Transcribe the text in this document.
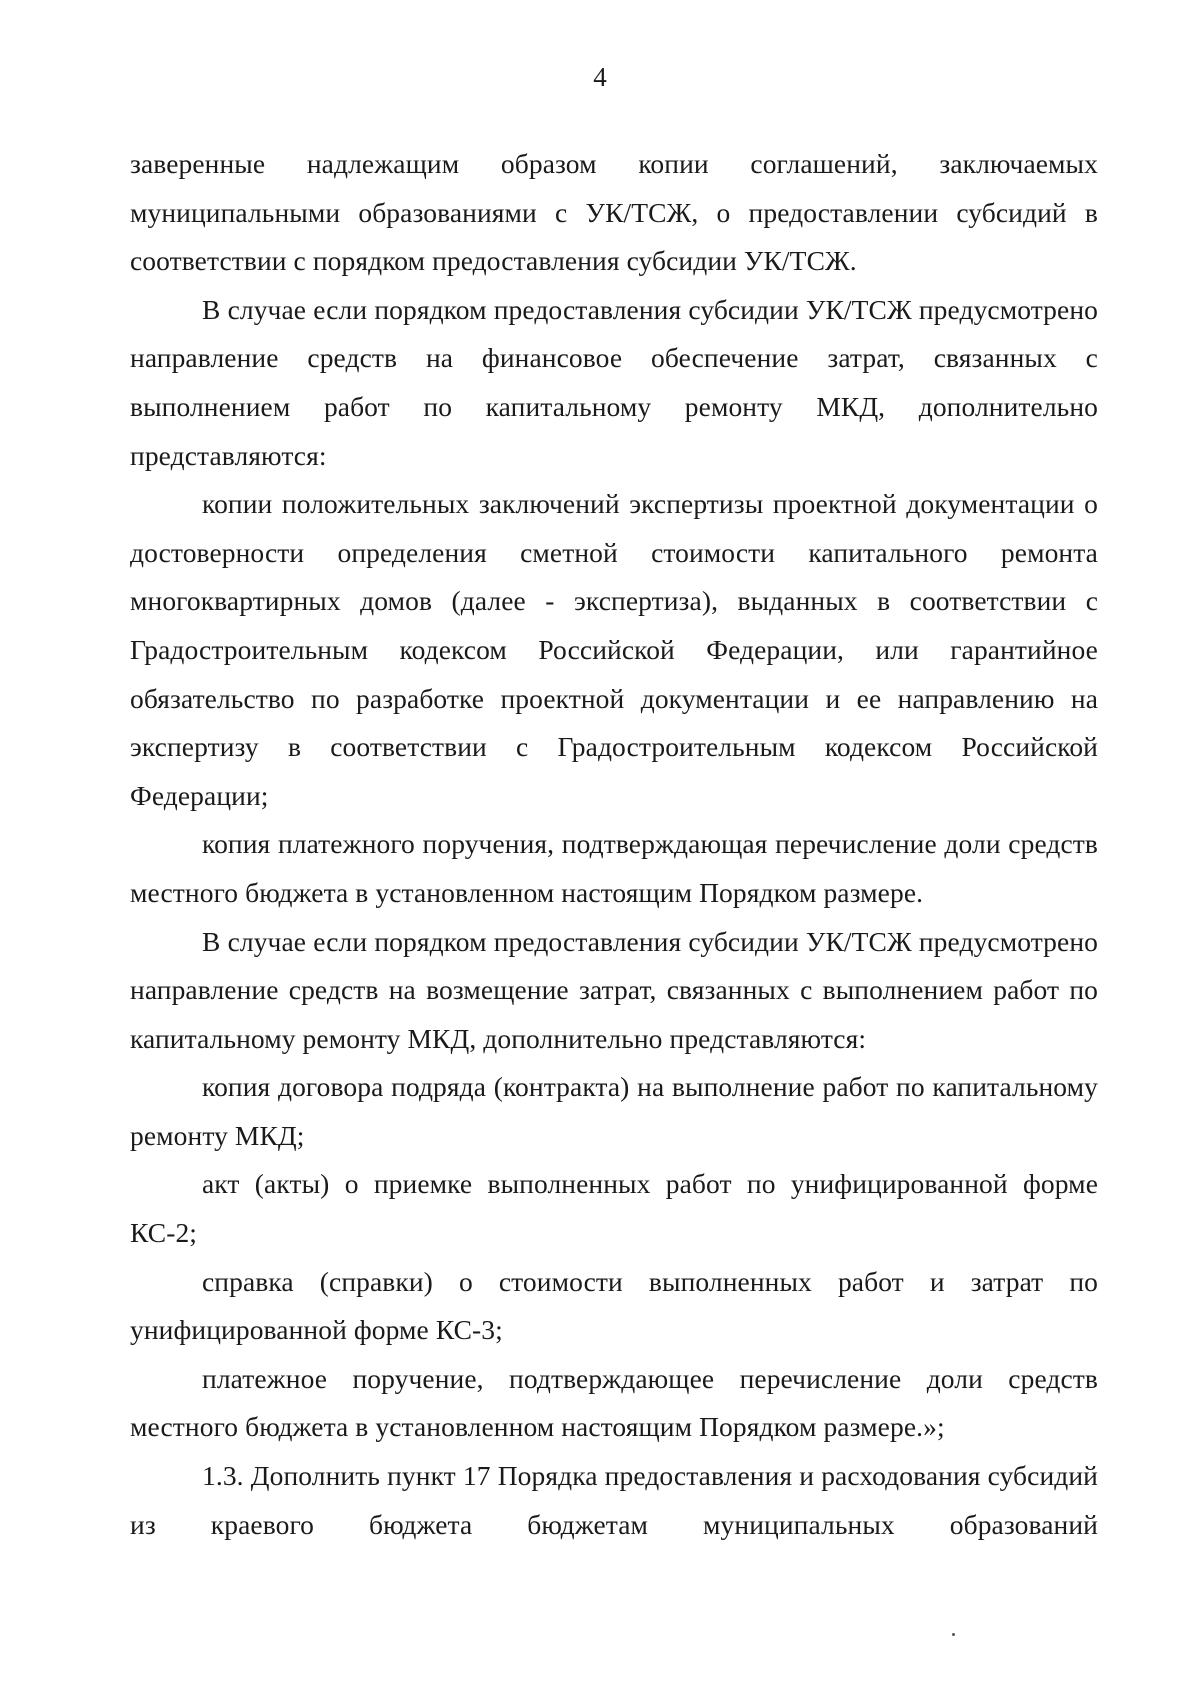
4

заверенные надлежащим образом копии соглашений, заключаемых муниципальными образованиями с УК/ТСЖ, о предоставлении субсидий в соответствии с порядком предоставления субсидии УК/ТСЖ.

В случае если порядком предоставления субсидии УК/ТСЖ предусмотрено направление средств на финансовое обеспечение затрат, связанных с выполнением работ по капитальному ремонту МКД, дополнительно представляются:

копии положительных заключений экспертизы проектной документации о достоверности определения сметной стоимости капитального ремонта многоквартирных домов (далее - экспертиза), выданных в соответствии с Градостроительным кодексом Российской Федерации, или гарантийное обязательство по разработке проектной документации и ее направлению на экспертизу в соответствии с Градостроительным кодексом Российской Федерации;

копия платежного поручения, подтверждающая перечисление доли средств местного бюджета в установленном настоящим Порядком размере.

В случае если порядком предоставления субсидии УК/ТСЖ предусмотрено направление средств на возмещение затрат, связанных с выполнением работ по капитальному ремонту МКД, дополнительно представляются:

копия договора подряда (контракта) на выполнение работ по капитальному ремонту МКД;

акт (акты) о приемке выполненных работ по унифицированной форме КС-2;

справка (справки) о стоимости выполненных работ и затрат по унифицированной форме КС-3;

платежное поручение, подтверждающее перечисление доли средств местного бюджета в установленном настоящим Порядком размере.»;

1.3. Дополнить пункт 17 Порядка предоставления и расходования субсидий из краевого бюджета бюджетам муниципальных образований
